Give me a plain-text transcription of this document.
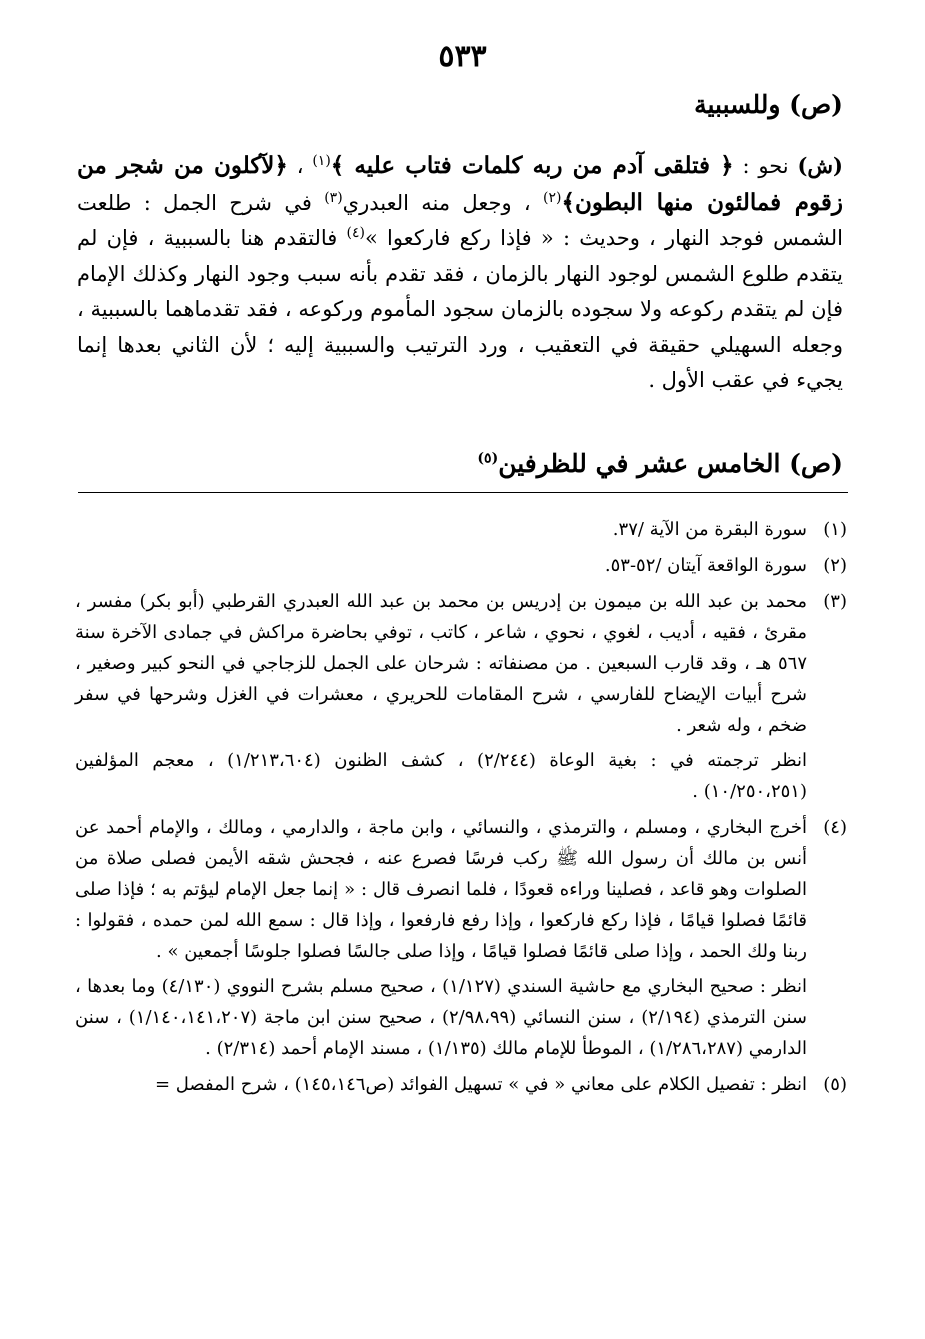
٥٣٣
(ص) وللسببية
(ش) نحو : ﴿ فتلقى آدم من ربه كلمات فتاب عليه ﴾$^{(١)}$ ، ﴿لآكلون من شجر من زقوم فمالئون منها البطون﴾$^{(٢)}$ ، وجعل منه العبدري$^{(٣)}$ في شرح الجمل : طلعت الشمس فوجد النهار ، وحديث : « فإذا ركع فاركعوا »$^{(٤)}$ فالتقدم هنا بالسببية ، فإن لم يتقدم طلوع الشمس لوجود النهار بالزمان ، فقد تقدم بأنه سبب وجود النهار وكذلك الإمام فإن لم يتقدم ركوعه ولا سجوده بالزمان سجود المأموم وركوعه ، فقد تقدماهما بالسببية ، وجعله السهيلي حقيقة في التعقيب ، ورد الترتيب والسببية إليه ؛ لأن الثاني بعدها إنما يجيء في عقب الأول .
(ص) الخامس عشر في للظرفين$^{(٥)}$
(١)

سورة البقرة من الآية /٣٧.

(٢)

سورة الواقعة آيتان /٥٢-٥٣.

(٣)

محمد بن عبد الله بن ميمون بن إدريس بن محمد بن عبد الله العبدري القرطبي (أبو بكر) مفسر ، مقرئ ، فقيه ، أديب ، لغوي ، نحوي ، شاعر ، كاتب ، توفي بحاضرة مراكش في جمادى الآخرة سنة ٥٦٧ هـ ، وقد قارب السبعين . من مصنفاته : شرحان على الجمل للزجاجي في النحو كبير وصغير ، شرح أبيات الإيضاح للفارسي ، شرح المقامات للحريري ، معشرات في الغزل وشرحها في سفر ضخم ، وله شعر .

انظر ترجمته في : بغية الوعاة (٢/٢٤٤) ، كشف الظنون (١/٢١٣،٦٠٤) ، معجم المؤلفين (١٠/٢٥٠،٢٥١) .

(٤)

أخرج البخاري ، ومسلم ، والترمذي ، والنسائي ، وابن ماجة ، والدارمي ، ومالك ، والإمام أحمد عن أنس بن مالك أن رسول الله ﷺ ركب فرسًا فصرع عنه ، فجحش شقه الأيمن فصلى صلاة من الصلوات وهو قاعد ، فصلينا وراءه قعودًا ، فلما انصرف قال : « إنما جعل الإمام ليؤتم به ؛ فإذا صلى قائمًا فصلوا قيامًا ، فإذا ركع فاركعوا ، وإذا رفع فارفعوا ، وإذا قال : سمع الله لمن حمده ، فقولوا : ربنا ولك الحمد ، وإذا صلى قائمًا فصلوا قيامًا ، وإذا صلى جالسًا فصلوا جلوسًا أجمعين » .

انظر : صحيح البخاري مع حاشية السندي (١/١٢٧) ، صحيح مسلم بشرح النووي (٤/١٣٠) وما بعدها ، سنن الترمذي (٢/١٩٤) ، سنن النسائي (٢/٩٨،٩٩) ، صحيح سنن ابن ماجة (١/١٤٠،١٤١،٢٠٧) ، سنن الدارمي (١/٢٨٦،٢٨٧) ، الموطأ للإمام مالك (١/١٣٥) ، مسند الإمام أحمد (٢/٣١٤) .

(٥)

انظر : تفصيل الكلام على معاني « في » تسهيل الفوائد (ص١٤٥،١٤٦) ، شرح المفصل =
